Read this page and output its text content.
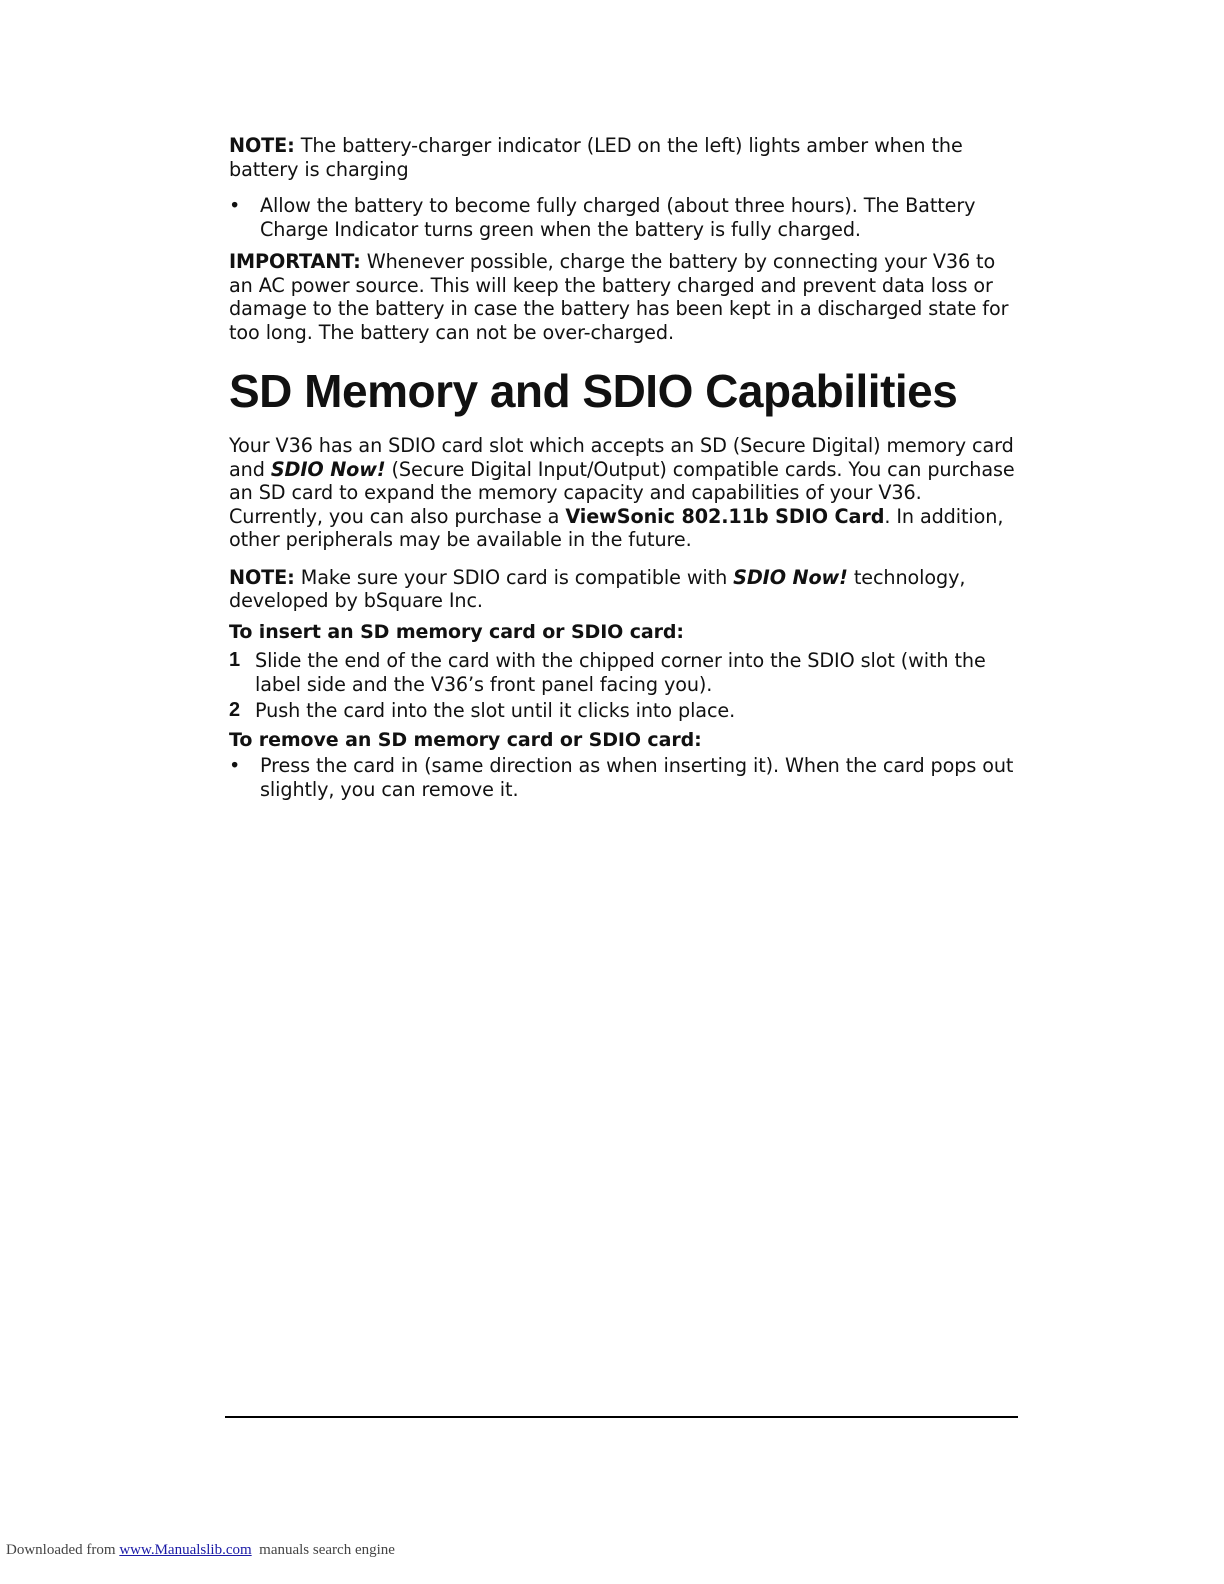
NOTE: The battery-charger indicator (LED on the left) lights amber when the battery is charging

• Allow the battery to become fully charged (about three hours). The Battery Charge Indicator turns green when the battery is fully charged.

IMPORTANT: Whenever possible, charge the battery by connecting your V36 to an AC power source. This will keep the battery charged and prevent data loss or damage to the battery in case the battery has been kept in a discharged state for too long. The battery can not be over-charged.

SD Memory and SDIO Capabilities

Your V36 has an SDIO card slot which accepts an SD (Secure Digital) memory card and SDIO Now! (Secure Digital Input/Output) compatible cards. You can purchase an SD card to expand the memory capacity and capabilities of your V36. Currently, you can also purchase a ViewSonic 802.11b SDIO Card. In addition, other peripherals may be available in the future.

NOTE: Make sure your SDIO card is compatible with SDIO Now! technology, developed by bSquare Inc.

To insert an SD memory card or SDIO card:

1 Slide the end of the card with the chipped corner into the SDIO slot (with the label side and the V36’s front panel facing you).
2 Push the card into the slot until it clicks into place.

To remove an SD memory card or SDIO card:

• Press the card in (same direction as when inserting it). When the card pops out slightly, you can remove it.
Downloaded from www.Manualslib.com  manuals search engine
